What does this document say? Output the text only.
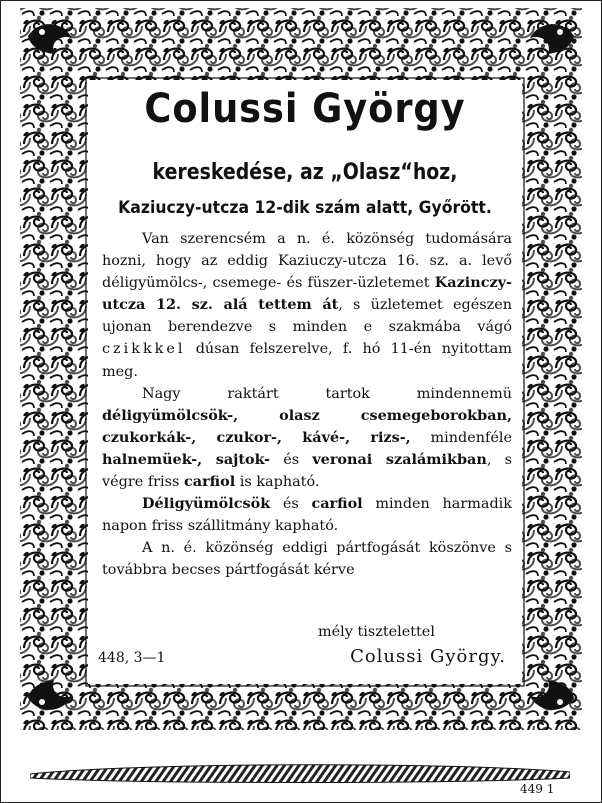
Colussi György
kereskedése, az „Olasz“hoz,
Kaziuczy-utcza 12-dik szám alatt, Győrött.

Van szerencsém a n. é. közönség tudomására hozni, hogy az eddig Kaziuczy-utcza 16. sz. a. levő déligyümölcs-, csemege- és füszer-üzletemet Kazinczy-utcza 12. sz. alá tettem át, s üzletemet egészen ujonan berendezve s minden e szakmába vágó czikkkel dúsan felszerelve, f. hó 11-én nyitottam meg.

Nagy raktárt tartok mindennemü déligyümölcsök-, olasz csemegeborokban, czukorkák-, czukor-, kávé-, rizs-, mindenféle halnemüek-, sajtok- és veronai szalámikban, s végre friss carfiol is kapható.

Déligyümölcsök és carfiol minden harmadik napon friss szállitmány kapható.

A n. é. közönség eddigi pártfogását köszönve s továbbra becses pártfogását kérve

mély tisztelettel
448, 3—1	Colussi György.
449 1
